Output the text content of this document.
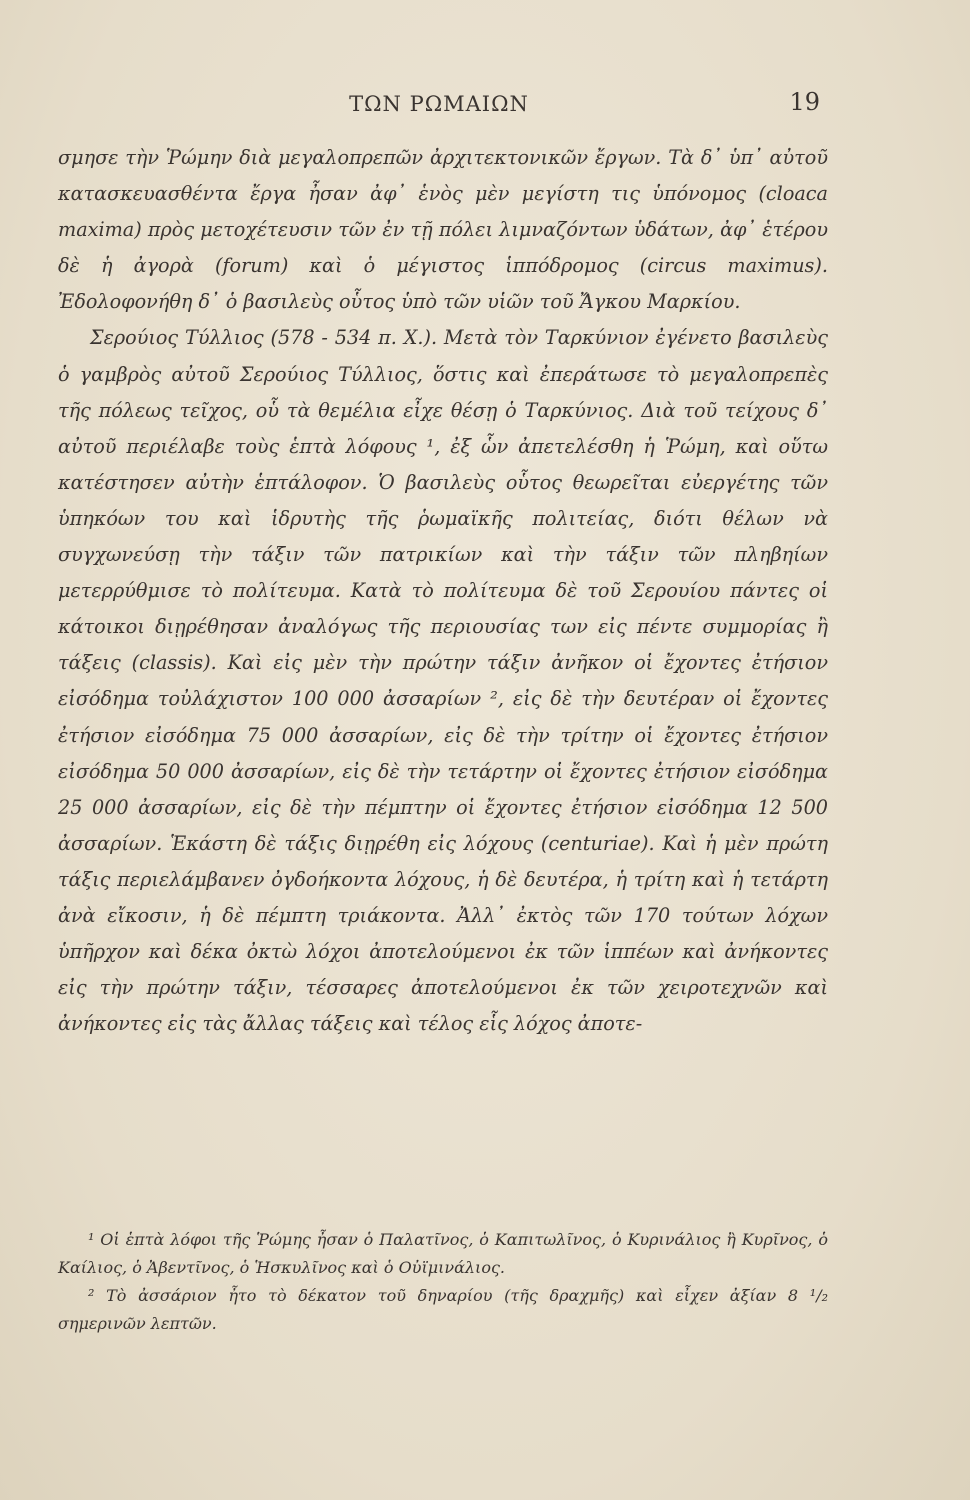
ΤΩΝ ΡΩΜΑΙΩΝ	19

σμησε τὴν Ῥώμην διὰ μεγαλοπρεπῶν ἀρχιτεκτονικῶν ἔργων. Τὰ δ᾽ ὑπ᾽ αὐτοῦ κατασκευασθέντα ἔργα ἦσαν ἀφ᾽ ἑνὸς μὲν μεγίστη τις ὑπόνομος (cloaca maxima) πρὸς μετοχέτευσιν τῶν ἐν τῇ πόλει λιμναζόντων ὑδάτων, ἀφ᾽ ἑτέρου δὲ ἡ ἀγορὰ (forum) καὶ ὁ μέγιστος ἱππόδρομος (circus maximus). Ἐδολοφονήθη δ᾽ ὁ βασιλεὺς οὗτος ὑπὸ τῶν υἱῶν τοῦ Ἄγκου Μαρκίου.

Σερούιος Τύλλιος (578 - 534 π. Χ.). Μετὰ τὸν Ταρκύνιον ἐγένετο βασιλεὺς ὁ γαμβρὸς αὐτοῦ Σερούιος Τύλλιος, ὅστις καὶ ἐπεράτωσε τὸ μεγαλοπρεπὲς τῆς πόλεως τεῖχος, οὗ τὰ θεμέλια εἶχε θέσῃ ὁ Ταρκύνιος. Διὰ τοῦ τείχους δ᾽ αὐτοῦ περιέλαβε τοὺς ἑπτὰ λόφους ¹, ἐξ ὧν ἀπετελέσθη ἡ Ῥώμη, καὶ οὕτω κατέστησεν αὐτὴν ἑπτάλοφον. Ὁ βασιλεὺς οὗτος θεωρεῖται εὐεργέτης τῶν ὑπηκόων του καὶ ἱδρυτὴς τῆς ῥωμαϊκῆς πολιτείας, διότι θέλων νὰ συγχωνεύσῃ τὴν τάξιν τῶν πατρικίων καὶ τὴν τάξιν τῶν πληβηίων μετερρύθμισε τὸ πολίτευμα. Κατὰ τὸ πολίτευμα δὲ τοῦ Σερουίου πάντες οἱ κάτοικοι διῃρέθησαν ἀναλόγως τῆς περιουσίας των εἰς πέντε συμμορίας ἢ τάξεις (classis). Καὶ εἰς μὲν τὴν πρώτην τάξιν ἀνῆκον οἱ ἔχοντες ἐτήσιον εἰσόδημα τοὐλάχιστον 100 000 ἀσσαρίων ², εἰς δὲ τὴν δευτέραν οἱ ἔχοντες ἐτήσιον εἰσόδημα 75 000 ἀσσαρίων, εἰς δὲ τὴν τρίτην οἱ ἔχοντες ἐτήσιον εἰσόδημα 50 000 ἀσσαρίων, εἰς δὲ τὴν τετάρτην οἱ ἔχοντες ἐτήσιον εἰσόδημα 25 000 ἀσσαρίων, εἰς δὲ τὴν πέμπτην οἱ ἔχοντες ἐτήσιον εἰσόδημα 12 500 ἀσσαρίων. Ἑκάστη δὲ τάξις διῃρέθη εἰς λόχους (centuriae). Καὶ ἡ μὲν πρώτη τάξις περιελάμβανεν ὀγδοήκοντα λόχους, ἡ δὲ δευτέρα, ἡ τρίτη καὶ ἡ τετάρτη ἀνὰ εἴκοσιν, ἡ δὲ πέμπτη τριάκοντα. Ἀλλ᾽ ἐκτὸς τῶν 170 τούτων λόχων ὑπῆρχον καὶ δέκα ὀκτὼ λόχοι ἀποτελούμενοι ἐκ τῶν ἱππέων καὶ ἀνήκοντες εἰς τὴν πρώτην τάξιν, τέσσαρες ἀποτελούμενοι ἐκ τῶν χειροτεχνῶν καὶ ἀνήκοντες εἰς τὰς ἄλλας τάξεις καὶ τέλος εἷς λόχος ἀποτε-

¹ Οἱ ἑπτὰ λόφοι τῆς Ῥώμης ἦσαν ὁ Παλατῖνος, ὁ Καπιτωλῖνος, ὁ Κυρινάλιος ἢ Κυρῖνος, ὁ Καίλιος, ὁ Ἀβεντῖνος, ὁ Ἡσκυλῖνος καὶ ὁ Οὐϊμινάλιος.

² Τὸ ἀσσάριον ἦτο τὸ δέκατον τοῦ δηναρίου (τῆς δραχμῆς) καὶ εἶχεν ἀξίαν 8 ¹/₂ σημερινῶν λεπτῶν.
